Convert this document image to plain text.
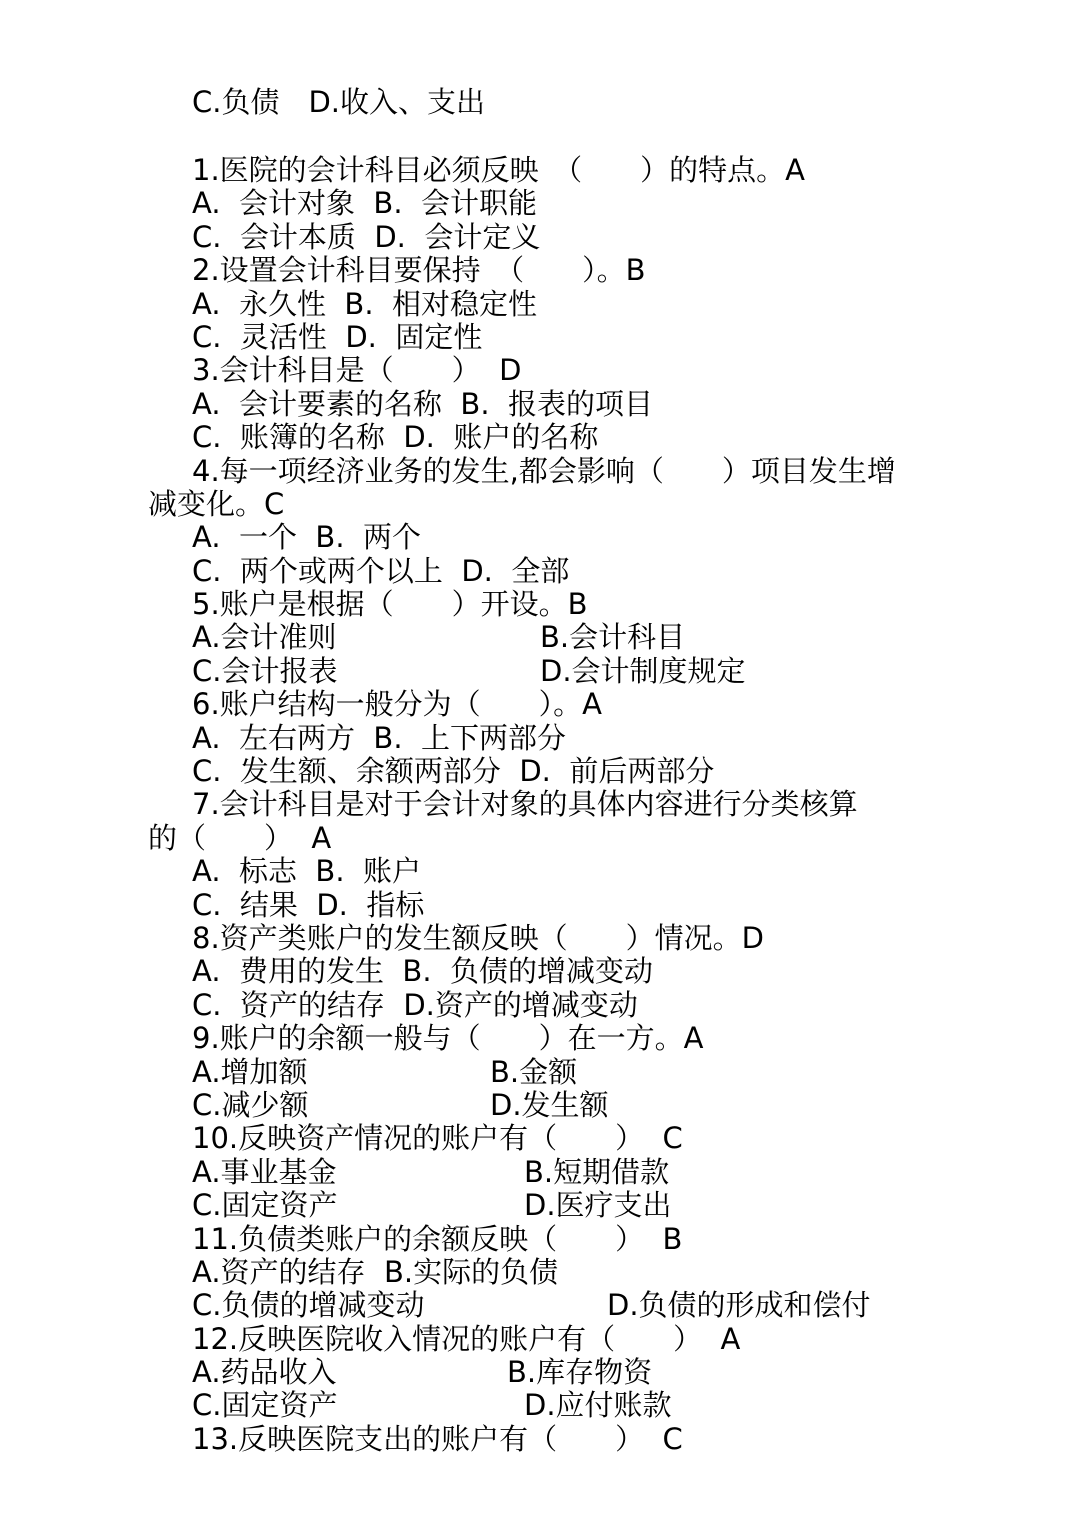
C.负债　D.收入、支出
1.医院的会计科目必须反映　（　　）的特点。A
A.  会计对象  B.  会计职能
C.  会计本质  D.  会计定义
2.设置会计科目要保持　（　　）。B
A.  永久性  B.  相对稳定性
C.  灵活性  D.  固定性
3.会计科目是（　　）  D
A.  会计要素的名称  B.  报表的项目
C.  账簿的名称  D.  账户的名称
4.每一项经济业务的发生,都会影响（　　）项目发生增
减变化。C
A.  一个  B.  两个
C.  两个或两个以上  D.  全部
5.账户是根据（　　）开设。B
A.会计准则	B.会计科目
C.会计报表	D.会计制度规定
6.账户结构一般分为（　　）。A
A.  左右两方  B.  上下两部分
C.  发生额、余额两部分  D.  前后两部分
7.会计科目是对于会计对象的具体内容进行分类核算
的（　　）  A
A.  标志  B.  账户
C.  结果  D.  指标
8.资产类账户的发生额反映（　　）情况。D
A.  费用的发生  B.  负债的增减变动
C.  资产的结存  D.资产的增减变动
9.账户的余额一般与（　　）在一方。A
A.增加额	B.金额
C.减少额	D.发生额
10.反映资产情况的账户有（　　）  C
A.事业基金	B.短期借款
C.固定资产	D.医疗支出
11.负债类账户的余额反映（　　）  B
A.资产的结存  B.实际的负债
C.负债的增减变动	D.负债的形成和偿付
12.反映医院收入情况的账户有（　　）  A
A.药品收入	B.库存物资
C.固定资产	D.应付账款
13.反映医院支出的账户有（　　）  C
